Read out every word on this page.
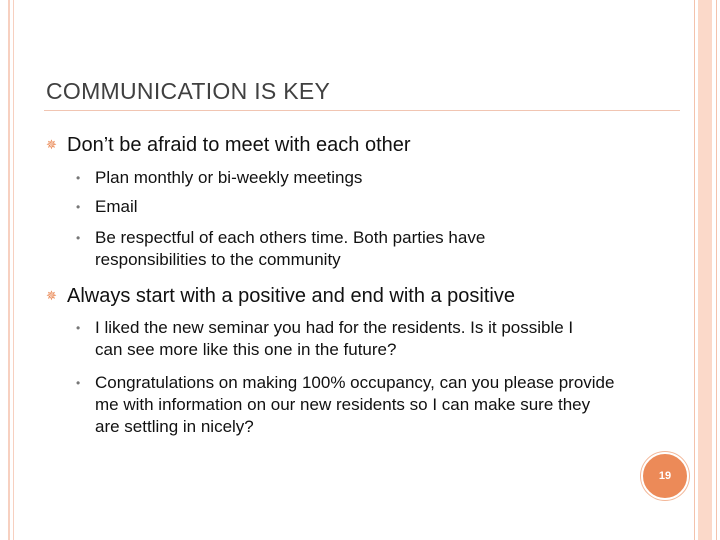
COMMUNICATION IS KEY
✵ Don’t be afraid to meet with each other
• Plan monthly or bi-weekly meetings
• Email
• Be respectful of each others time. Both parties have responsibilities to the community
✵ Always start with a positive and end with a positive
• I liked the new seminar you had for the residents. Is it possible I can see more like this one in the future?
• Congratulations on making 100% occupancy, can you please provide me with information on our new residents so I can make sure they are settling in nicely?
19
